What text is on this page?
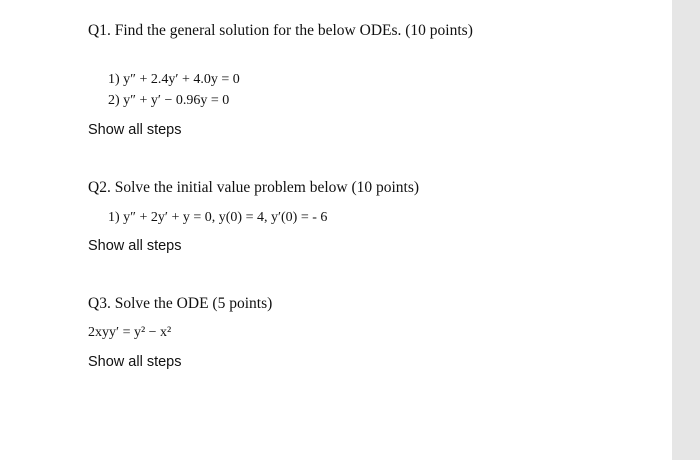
Q1. Find the general solution for the below ODEs. (10 points)
1) y″ + 2.4y′ + 4.0y = 0
2) y″ + y′ − 0.96y = 0
Show all steps
Q2. Solve the initial value problem below (10 points)
1) y″ + 2y′ + y = 0, y(0) = 4, y′(0) = - 6
Show all steps
Q3. Solve the ODE (5 points)
2xyy′ = y² − x²
Show all steps
